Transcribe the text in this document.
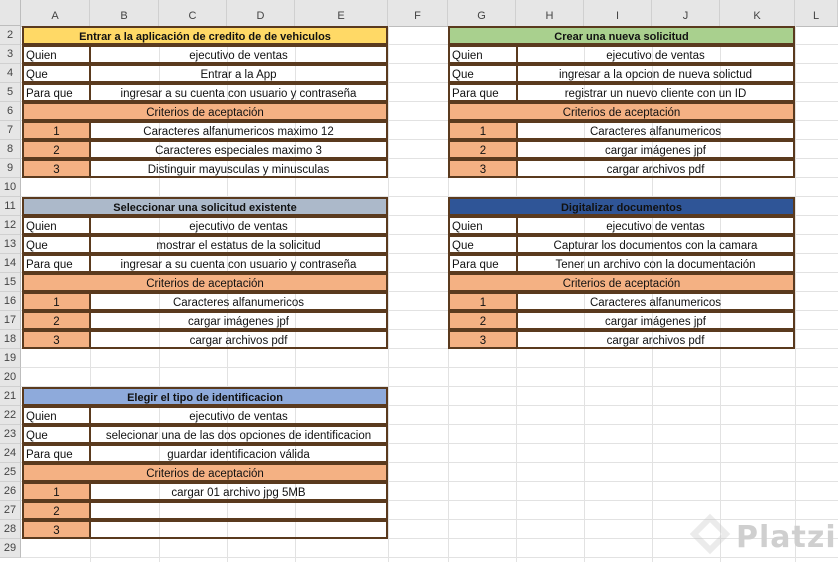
A	B	C	D	E	F	G	H	I	J	K	L
2
3
4
5
6
7
8
9
10
11
12
13
14
15
16
17
18
19
20
21
22
23
24
25
26
27
28
29
Entrar a la aplicación de credito de de vehiculos
Quien	ejecutivo de ventas
Que	Entrar a la App
Para que	ingresar a su cuenta con usuario y contraseña
Criterios de aceptación
1	Caracteres alfanumericos maximo 12
2	Caracteres especiales maximo 3
3	Distinguir mayusculas y minusculas
Crear una nueva solicitud
Quien	ejecutivo de ventas
Que	ingresar a la opcion de nueva solictud
Para que	registrar un nuevo cliente con un ID
Criterios de aceptación
1	Caracteres alfanumericos
2	cargar imágenes jpf
3	cargar archivos pdf
Seleccionar una solicitud existente
Quien	ejecutivo de ventas
Que	mostrar el estatus de la solicitud
Para que	ingresar a su cuenta con usuario y contraseña
Criterios de aceptación
1	Caracteres alfanumericos
2	cargar imágenes jpf
3	cargar archivos pdf
Digitalizar documentos
Quien	ejecutivo de ventas
Que	Capturar los documentos con la camara
Para que	Tener un archivo con la documentación
Criterios de aceptación
1	Caracteres alfanumericos
2	cargar imágenes jpf
3	cargar archivos pdf
Elegir el tipo de identificacion
Quien	ejecutivo de ventas
Que	selecionar una de las dos opciones de identificacion
Para que	guardar identificacion válida
Criterios de aceptación
1	cargar 01 archivo jpg 5MB
2
3	Platzi
